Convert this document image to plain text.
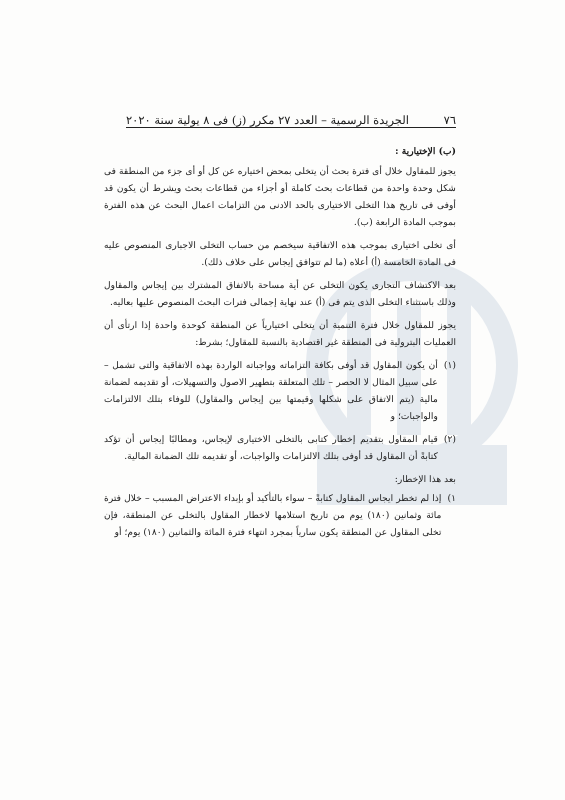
٧٦
الجريدة الرسمية – العدد ٢٧ مكرر (ز) فى ٨ يولية سنة ٢٠٢٠
(ب) الإختيارية :

يجوز للمقاول خلال أى فترة بحث أن يتخلى بمحض اختياره عن كل أو أى جزء من المنطقة فى شكل وحدة واحدة من قطاعات بحث كاملة أو أجزاء من قطاعات بحث ويشرط أن يكون قد أوفى فى تاريخ هذا التخلى الاختيارى بالحد الادنى من التزامات اعمال البحث عن هذه الفترة بموجب المادة الرابعة (ب).

أى تخلى اختيارى بموجب هذه الاتفاقية سيخصم من حساب التخلى الاجبارى المنصوص عليه فى المادة الخامسة (أ) أعلاه (ما لم تتوافق إيجاس على خلاف ذلك).

بعد الاكتشاف التجارى يكون التخلى عن أية مساحة بالاتفاق المشترك بين إيجاس والمقاول وذلك باستثناء التخلى الذى يتم فى (أ) عند نهاية إجمالى فترات البحث المنصوص عليها بعاليه.

يجوز للمقاول خلال فترة التنمية أن يتخلى اختيارياً عن المنطقة كوحدة واحدة إذا ارتأى أن العمليات البترولية فى المنطقة غير اقتصادية بالنسبة للمقاول؛ بشرط:

(١)
أن يكون المقاول قد أوفى بكافة التزاماته وواجباته الواردة بهذه الاتفاقية والتى تشمل – على سبيل المثال لا الحصر – تلك المتعلقة بتطهير الاصول والتسهيلات، أو تقديمه لضمانة مالية (يتم الاتفاق على شكلها وقيمتها بين إيجاس والمقاول) للوفاء بتلك الالتزامات والواجبات؛ و
(٢)
قيام المقاول بتقديم إخطار كتابى بالتخلى الاختيارى لإيجاس، ومطالبًا إيجاس أن تؤكد كتابةً أن المقاول قد أوفى بتلك الالتزامات والواجبات، أو تقديمه تلك الضمانة المالية.
بعد هذا الإخطار:
١)
إذا لم تخطر ايجاس المقاول كتابةً – سواء بالتأكيد أو بإبداء الاعتراض المسبب – خلال فترة مائة وثمانين (١٨٠) يوم من تاريخ استلامها لاخطار المقاول بالتخلى عن المنطقة، فإن تخلى المقاول عن المنطقة يكون سارياً بمجرد انتهاء فترة المائة والثمانين (١٨٠) يوم؛ أو
